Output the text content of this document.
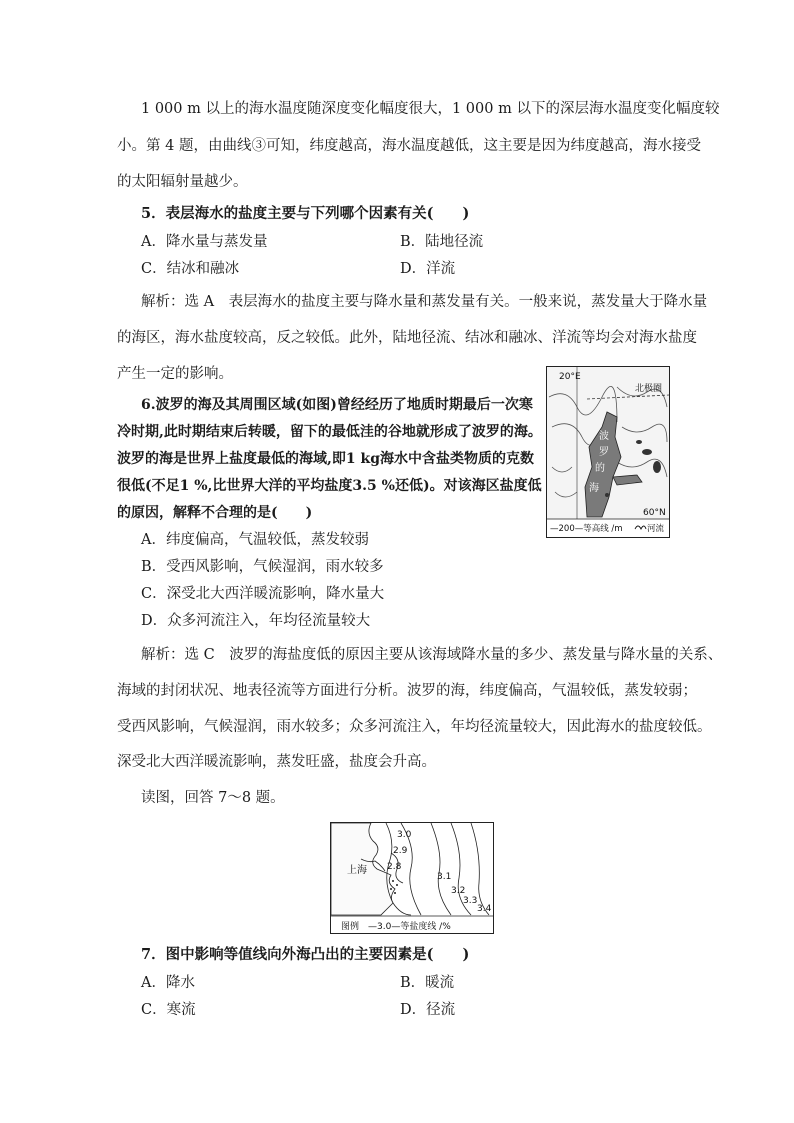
1 000 m 以上的海水温度随深度变化幅度很大，1 000 m 以下的深层海水温度变化幅度较
小。第 4 题，由曲线③可知，纬度越高，海水温度越低，这主要是因为纬度越高，海水接受
的太阳辐射量越少。
5．表层海水的盐度主要与下列哪个因素有关(　　)
A．降水量与蒸发量	B．陆地径流
C．结冰和融冰	D．洋流
解析：选 A　表层海水的盐度主要与降水量和蒸发量有关。一般来说，蒸发量大于降水量
的海区，海水盐度较高，反之较低。此外，陆地径流、结冰和融冰、洋流等均会对海水盐度
产生一定的影响。
6.波罗的海及其周围区域(如图)曾经经历了地质时期最后一次寒
冷时期,此时期结束后转暖，留下的最低洼的谷地就形成了波罗的海。
波罗的海是世界上盐度最低的海域,即1 kg海水中含盐类物质的克数
很低(不足1 %,比世界大洋的平均盐度3.5 %还低)。对该海区盐度低
的原因，解释不合理的是(　　)
A．纬度偏高，气温较低，蒸发较弱
B．受西风影响，气候湿润，雨水较多
C．深受北大西洋暖流影响，降水量大
D．众多河流注入，年均径流量较大
解析：选 C　波罗的海盐度低的原因主要从该海域降水量的多少、蒸发量与降水量的关系、
海域的封闭状况、地表径流等方面进行分析。波罗的海，纬度偏高，气温较低，蒸发较弱；
受西风影响，气候湿润，雨水较多；众多河流注入，年均径流量较大，因此海水的盐度较低。
深受北大西洋暖流影响，蒸发旺盛，盐度会升高。
20°E
北极圈
波
罗
的
海
60°N
—200—等高线 /m	河流
读图，回答 7～8 题。
3.0
2.9
2.8
3.1
3.2
3.3
3.4
上海
图例　—3.0—等盐度线 /%
7．图中影响等值线向外海凸出的主要因素是(　　)
A．降水	B．暖流
C．寒流	D．径流
